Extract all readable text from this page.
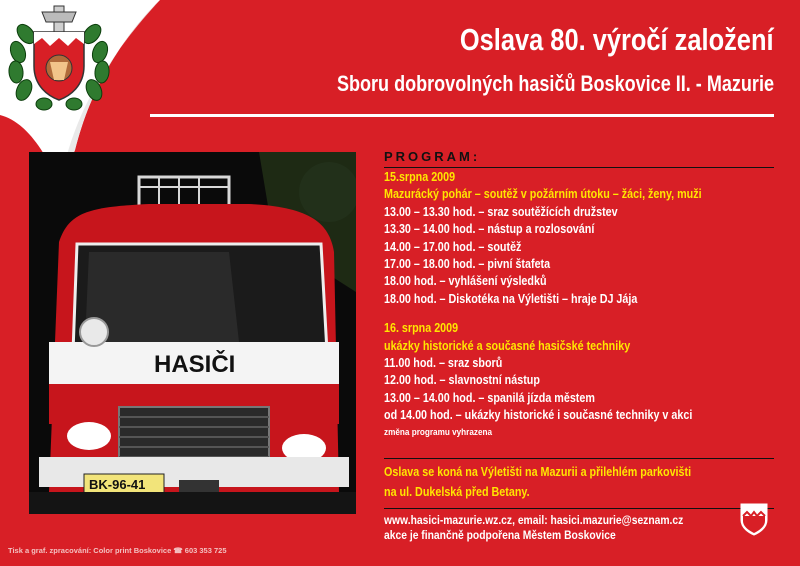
Oslava 80. výročí založení
Sboru dobrovolných hasičů Boskovice II. - Mazurie
HASIČI
BK-96-41
PROGRAM:
15.srpna 2009
Mazurácký pohár – soutěž v požárním útoku – žáci, ženy, muži
13.00 – 13.30 hod. – sraz soutěžících družstev
13.30 – 14.00 hod. – nástup a rozlosování
14.00 – 17.00 hod. – soutěž
17.00 – 18.00 hod. – pivní štafeta
18.00 hod. – vyhlášení výsledků
18.00 hod. – Diskotéka na Výletišti – hraje DJ Jája
16. srpna 2009
ukázky historické a současné hasičské techniky
11.00 hod. – sraz sborů
12.00 hod. – slavnostní nástup
13.00 – 14.00 hod. – spanilá jízda městem
od 14.00 hod. – ukázky historické i současné techniky v akci
změna programu vyhrazena
Oslava se koná na Výletišti na Mazurii a přilehlém parkovišti
na ul. Dukelská před Betany.
www.hasici-mazurie.wz.cz, email: hasici.mazurie@seznam.cz
akce je finančně podpořena Městem Boskovice
Tisk a graf. zpracování: Color print Boskovice ☎ 603 353 725
